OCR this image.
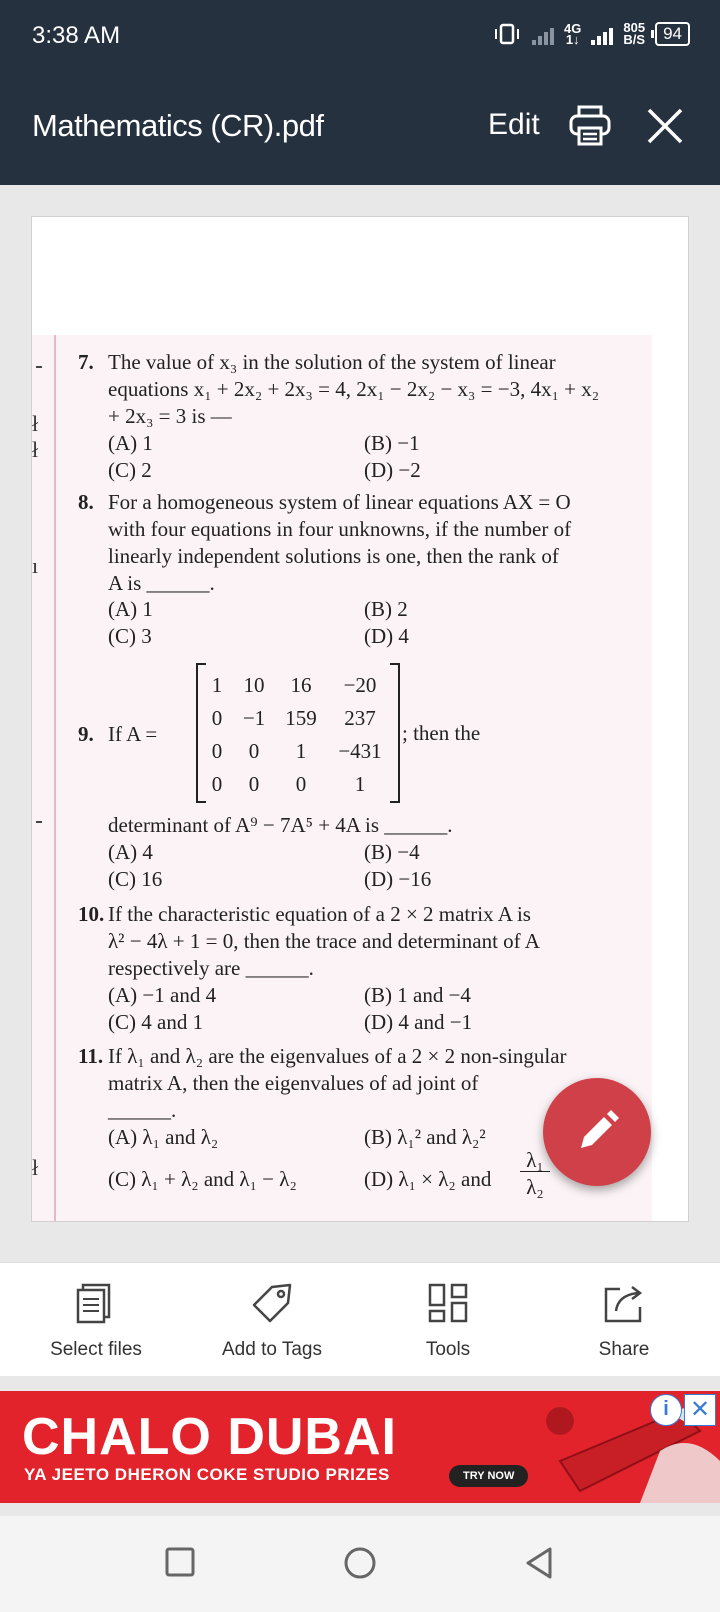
3:38 AM	4G
1↓
805
B/S	94
Mathematics (CR).pdf	Edit
ł
ł
ı
ł
7. The value of x₃ in the solution of the system of linear
equations x₁ + 2x₂ + 2x₃ = 4, 2x₁ − 2x₂ − x₃ = −3, 4x₁ + x₂
+ 2x₃ = 3 is —
(A) 1	(B) −1
(C) 2	(D) −2
8. For a homogeneous system of linear equations AX = O
with four equations in four unknowns, if the number of
linearly independent solutions is one, then the rank of
A is ______.
(A) 1	(B) 2
(C) 3	(D) 4
9. If A =	; then the
1	10	16	−20
0 −1 159	237
0	0	1	−431
0	0	0	1
determinant of A⁹ − 7A⁵ + 4A is ______.
(A) 4	(B) −4
(C) 16	(D) −16
10. If the characteristic equation of a 2 × 2 matrix A is
λ² − 4λ + 1 = 0, then the trace and determinant of A
respectively are ______.
(A) −1 and 4	(B) 1 and −4
(C) 4 and 1	(D) 4 and −1
11. If λ₁ and λ₂ are the eigenvalues of a 2 × 2 non-singular
matrix A, then the eigenvalues of ad joint of
______.
(A) λ₁ and λ₂	(B) λ₁² and λ₂²
(C) λ₁ + λ₂ and λ₁ − λ₂	(D) λ₁ × λ₂ and
λ₁
λ₂
Select files	Add to Tags	Tools	Share
CHALO DUBAI
YA JEETO DHERON COKE STUDIO PRIZES	TRY NOW
i ✕
